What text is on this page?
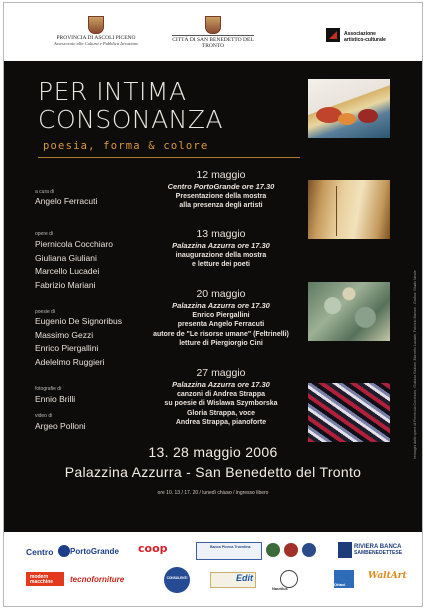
PROVINCIA DI ASCOLI PICENO
Assessorato alla Cultura e Pubblica Istruzione
CITTÀ DI SAN BENEDETTO DEL TRONTO
Associazione artistico-culturale
PER INTIMA
CONSONANZA
poesia, forma & colore
a cura di
Angelo Ferracuti
opere di
Piernicola Cocchiaro
Giuliana Giuliani
Marcello Lucadei
Fabrizio Mariani
poesie di
Eugenio De Signoribus
Massimo Gezzi
Enrico Piergallini
Adelelmo Ruggieri
fotografie di
Ennio Brilli
video di
Argeo Polloni
12 maggio
Centro PortoGrande ore 17.30
Presentazione della mostra
alla presenza degli artisti
13 maggio
Palazzina Azzurra ore 17.30
inaugurazione della mostra
e letture dei poeti
20 maggio
Palazzina Azzurra ore 17.30
Enrico Piergallini
presenta Angelo Ferracuti
autore de "Le risorse umane" (Feltrinelli)
letture di Piergiorgio Cini
27 maggio
Palazzina Azzurra ore 17.30
canzoni di Andrea Strappa
su poesie di Wislawa Szymborska
Gloria Strappa, voce
Andrea Strappa, pianoforte	Immagini dalle opere di Piernicola Cocchiaro, Giuliana Giuliani, Marcello Lucadei, Fabrizio Mariani - Grafica: Studio Ideale
13. 28 maggio 2006
Palazzina Azzurra - San Benedetto del Tronto
ore 10. 13 / 17. 20 / lunedì chiuso / ingresso libero
Centro PortoGrande coop	Banca Picena Truentina	RIVIERA BANCA
SAMBENEDETTESE
modern macchine	tecnoforniture	CONSULENTI	Edit
Nautilus
Ottavi
WaltArt
